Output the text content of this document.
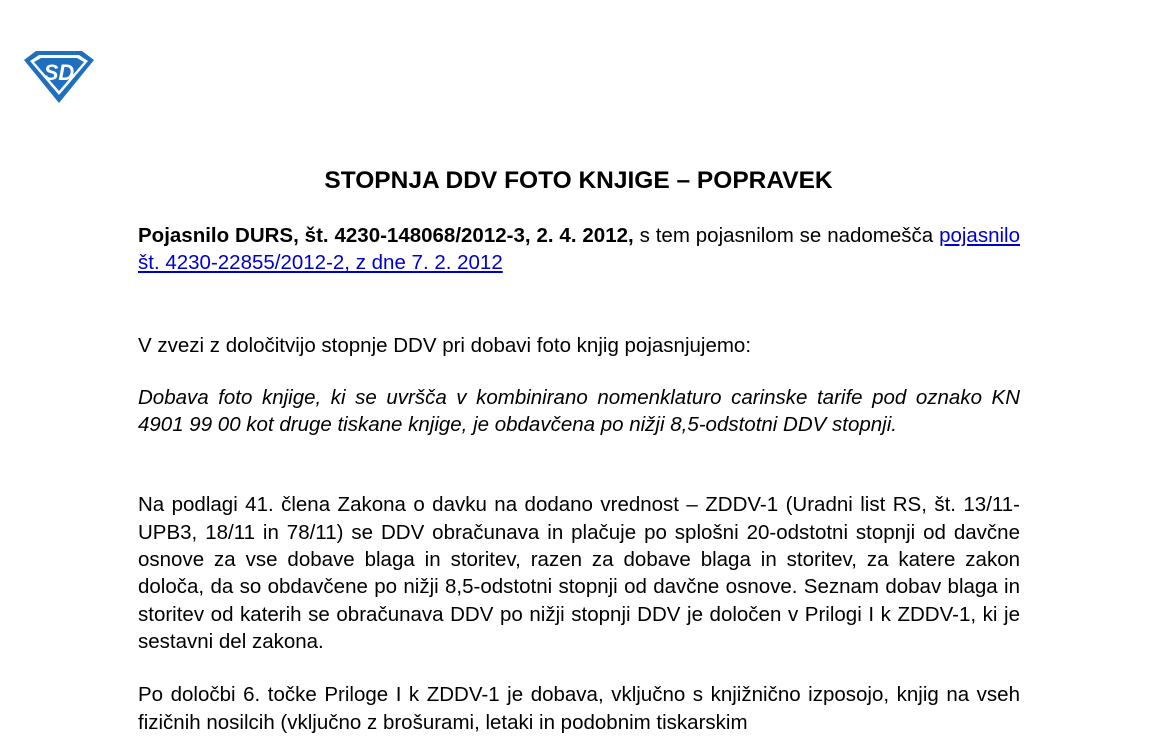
SD
STOPNJA DDV FOTO KNJIGE – POPRAVEK

Pojasnilo DURS, št. 4230-148068/2012-3, 2. 4. 2012, s tem pojasnilom se nadomešča pojasnilo št. 4230-22855/2012-2, z dne 7. 2. 2012

V zvezi z določitvijo stopnje DDV pri dobavi foto knjig pojasnjujemo:

Dobava foto knjige, ki se uvršča v kombinirano nomenklaturo carinske tarife pod oznako KN 4901 99 00 kot druge tiskane knjige, je obdavčena po nižji 8,5-odstotni DDV stopnji.

Na podlagi 41. člena Zakona o davku na dodano vrednost – ZDDV-1 (Uradni list RS, št. 13/11-UPB3, 18/11 in 78/11) se DDV obračunava in plačuje po splošni 20-odstotni stopnji od davčne osnove za vse dobave blaga in storitev, razen za dobave blaga in storitev, za katere zakon določa, da so obdavčene po nižji 8,5-odstotni stopnji od davčne osnove. Seznam dobav blaga in storitev od katerih se obračunava DDV po nižji stopnji DDV je določen v Prilogi I k ZDDV-1, ki je sestavni del zakona.

Po določbi 6. točke Priloge I k ZDDV-1 je dobava, vključno s knjižnično izposojo, knjig na vseh fizičnih nosilcih (vključno z brošurami, letaki in podobnim tiskarskim
